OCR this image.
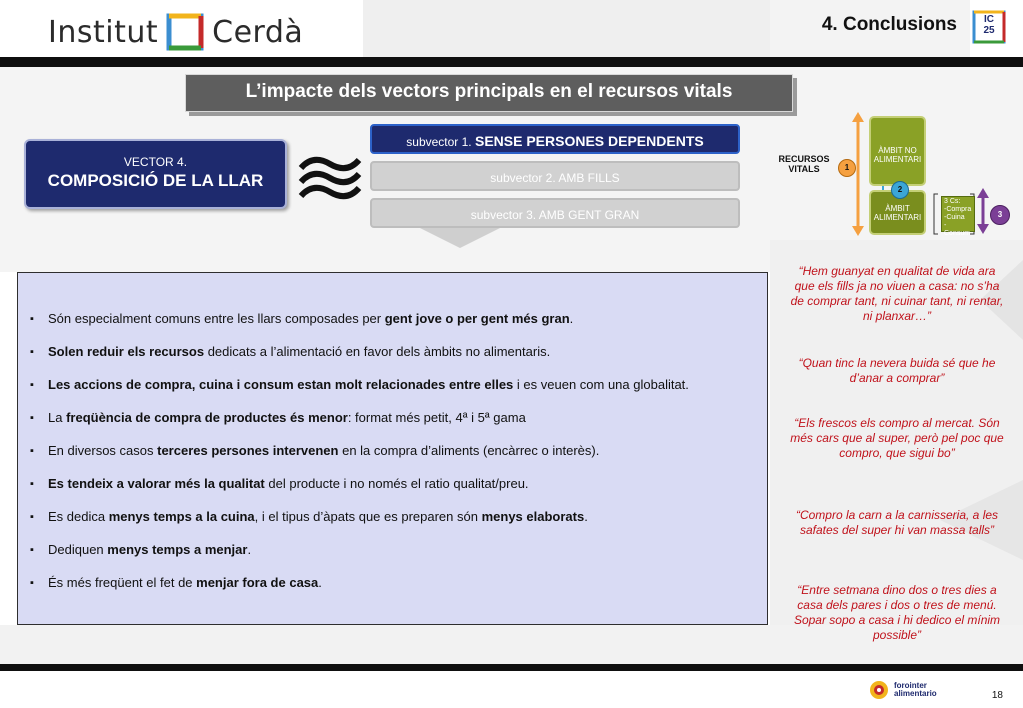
Institut Cerdà	4. Conclusions	IC
25
L’impacte dels vectors principals en el recursos vitals
VECTOR 4.
COMPOSICIÓ DE LA LLAR
subvector 1. SENSE PERSONES DEPENDENTS
subvector 2. AMB FILLS
subvector 3. AMB GENT GRAN
RECURSOS
VITALS
ÀMBIT NO
ALIMENTARI
ÀMBIT
ALIMENTARI
3 Cs:
-Compra
-Cuina
-Consum
1
2
3
▪ Són especialment comuns entre les llars composades per gent jove o per gent més gran.
▪ Solen reduir els recursos dedicats a l’alimentació en favor dels àmbits no alimentaris.
▪ Les accions de compra, cuina i consum estan molt relacionades entre elles i es veuen com una globalitat.
▪ La freqüència de compra de productes és menor: format més petit, 4ª i 5ª gama
▪ En diversos casos terceres persones intervenen en la compra d’aliments (encàrrec o interès).
▪ Es tendeix a valorar més la qualitat del producte i no només el ratio qualitat/preu.
▪ Es dedica menys temps a la cuina, i el tipus d’àpats que es preparen són menys elaborats.
▪ Dediquen menys temps a menjar.
▪ És més freqüent el fet de menjar fora de casa.
“Hem guanyat en qualitat de vida ara que els fills ja no viuen a casa: no s’ha de comprar tant, ni cuinar tant, ni rentar, ni planxar…”
“Quan tinc la nevera buida sé que he d’anar a comprar”
“Els frescos els compro al mercat. Són més cars que al super, però pel poc que compro, que sigui bo”
“Compro la carn a la carnisseria, a les safates del super hi van massa talls”
“Entre setmana dino dos o tres dies a casa dels pares i dos o tres de menú. Sopar sopo a casa i hi dedico el mínim possible”
forointer
alimentario	18
